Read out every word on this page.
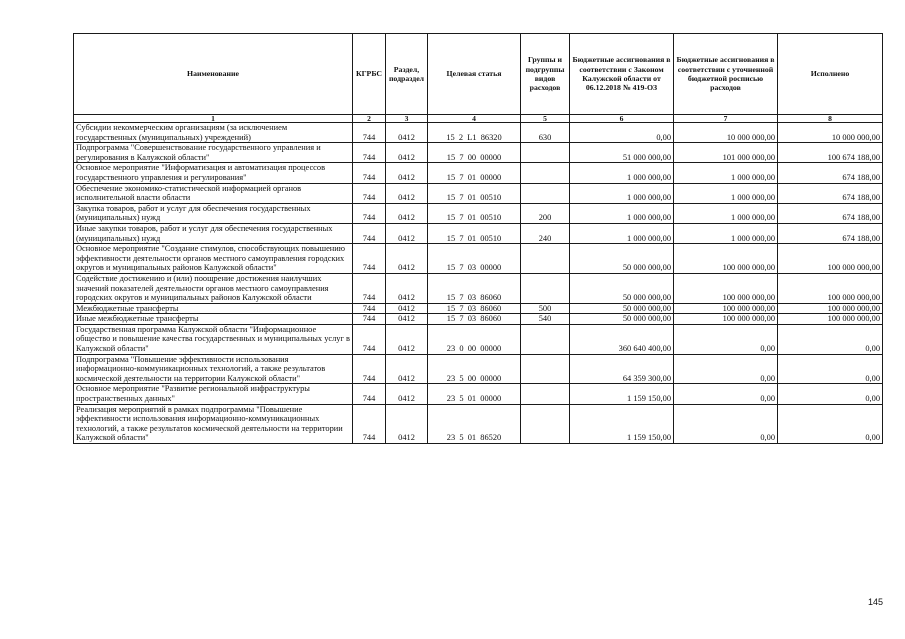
Наименование	КГРБС	Раздел, подраздел	Целевая статья	Группы и подгруппы видов расходов	Бюджетные ассигнования в соответствии с Законом Калужской области от 06.12.2018 № 419-ОЗ	Бюджетные ассигнования в соответствии с уточненной бюджетной росписью расходов	Исполнено
1	2	3	4	5	6	7	8
Субсидии некоммерческим организациям (за исключением государственных (муниципальных) учреждений)	744	0412	15  2  L1  86320	630	0,00	10 000 000,00	10 000 000,00
Подпрограмма "Совершенствование государственного управления и регулирования в Калужской области"	744	0412	15  7  00  00000		51 000 000,00	101 000 000,00	100 674 188,00
Основное мероприятие "Информатизация и автоматизация процессов государственного управления и регулирования"	744	0412	15  7  01  00000		1 000 000,00	1 000 000,00	674 188,00
Обеспечение экономико-статистической информацией органов исполнительной власти области	744	0412	15  7  01  00510		1 000 000,00	1 000 000,00	674 188,00
Закупка товаров, работ и услуг для обеспечения государственных (муниципальных) нужд	744	0412	15  7  01  00510	200	1 000 000,00	1 000 000,00	674 188,00
Иные закупки товаров, работ и услуг для обеспечения государственных (муниципальных) нужд	744	0412	15  7  01  00510	240	1 000 000,00	1 000 000,00	674 188,00
Основное мероприятие "Создание стимулов, способствующих повышению эффективности деятельности органов местного самоуправления городских округов и муниципальных районов Калужской области"	744	0412	15  7  03  00000		50 000 000,00	100 000 000,00	100 000 000,00
Содействие достижению и (или) поощрение достижения наилучших значений показателей деятельности органов местного самоуправления городских округов и муниципальных районов Калужской области	744	0412	15  7  03  86060		50 000 000,00	100 000 000,00	100 000 000,00
Межбюджетные трансферты	744	0412	15  7  03  86060	500	50 000 000,00	100 000 000,00	100 000 000,00
Иные межбюджетные трансферты	744	0412	15  7  03  86060	540	50 000 000,00	100 000 000,00	100 000 000,00
Государственная программа Калужской области "Информационное общество и повышение качества государственных и муниципальных услуг в Калужской области"	744	0412	23  0  00  00000		360 640 400,00	0,00	0,00
Подпрограмма "Повышение эффективности использования информационно-коммуникационных технологий, а также результатов космической деятельности на территории Калужской области"	744	0412	23  5  00  00000		64 359 300,00	0,00	0,00
Основное мероприятие "Развитие региональной инфраструктуры пространственных данных"	744	0412	23  5  01  00000		1 159 150,00	0,00	0,00
Реализация мероприятий в рамках подпрограммы "Повышение эффективности использования информационно-коммуникационных технологий, а также результатов космической деятельности на территории Калужской области"	744	0412	23  5  01  86520		1 159 150,00	0,00	0,00
145
